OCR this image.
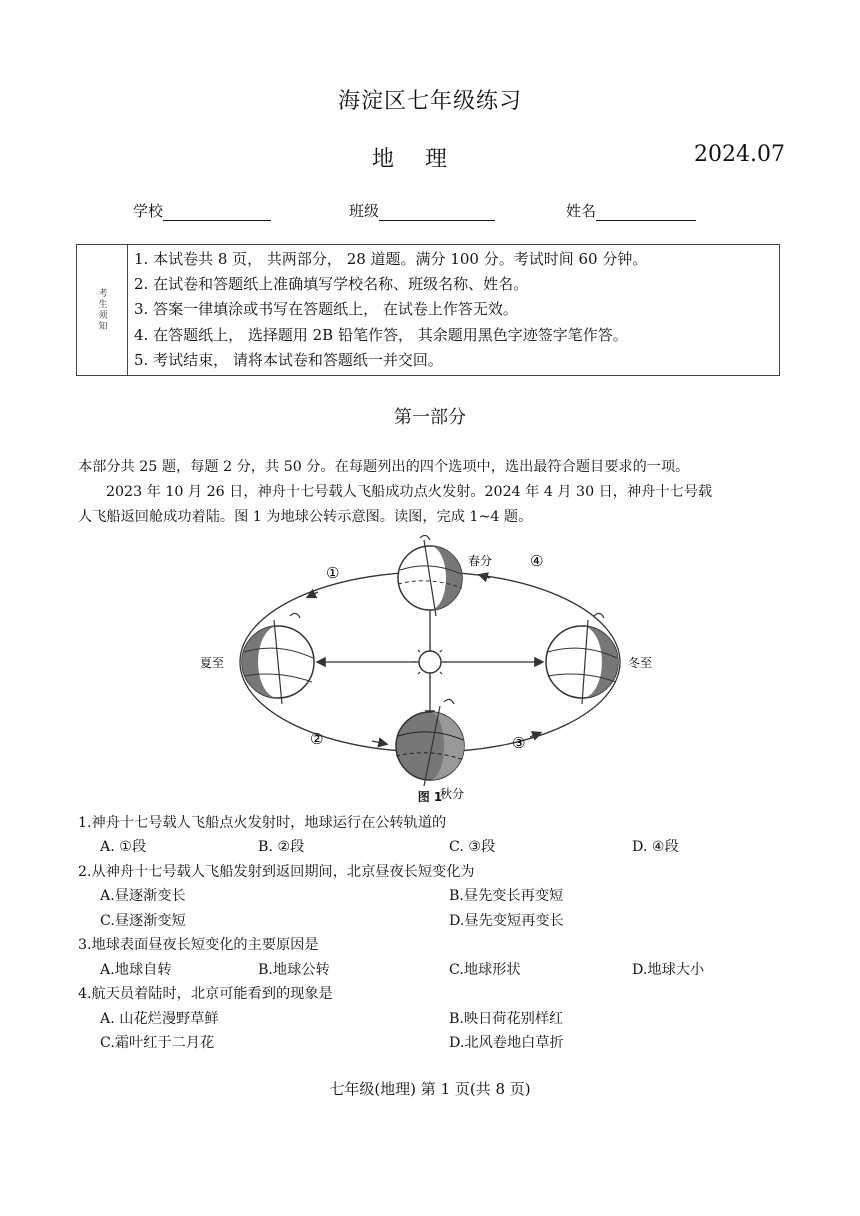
海淀区七年级练习
地 理	2024.07
学校	班级	姓名
考生须知
1. 本试卷共 8 页， 共两部分， 28 道题。满分 100 分。考试时间 60 分钟。
2. 在试卷和答题纸上准确填写学校名称、班级名称、姓名。
3. 答案一律填涂或书写在答题纸上， 在试卷上作答无效。
4. 在答题纸上， 选择题用 2B 铅笔作答， 其余题用黑色字迹签字笔作答。
5. 考试结束， 请将本试卷和答题纸一并交回。
第一部分
本部分共 25 题，每题 2 分，共 50 分。在每题列出的四个选项中，选出最符合题目要求的一项。
2023 年 10 月 26 日，神舟十七号载人飞船成功点火发射。2024 年 4 月 30 日，神舟十七号载
人飞船返回舱成功着陆。图 1 为地球公转示意图。读图，完成 1~4 题。
春分
夏至
秋分
冬至
①
②	③
④
图 1
1.神舟十七号载人飞船点火发射时，地球运行在公转轨道的
A. ①段	B. ②段	C. ③段	D. ④段
2.从神舟十七号载人飞船发射到返回期间，北京昼夜长短变化为
A.昼逐渐变长	B.昼先变长再变短
C.昼逐渐变短	D.昼先变短再变长
3.地球表面昼夜长短变化的主要原因是
A.地球自转	B.地球公转	C.地球形状	D.地球大小
4.航天员着陆时，北京可能看到的现象是
A. 山花烂漫野草鲜	B.映日荷花别样红
C.霜叶红于二月花	D.北风卷地白草折
七年级(地理) 第 1 页(共 8 页)
